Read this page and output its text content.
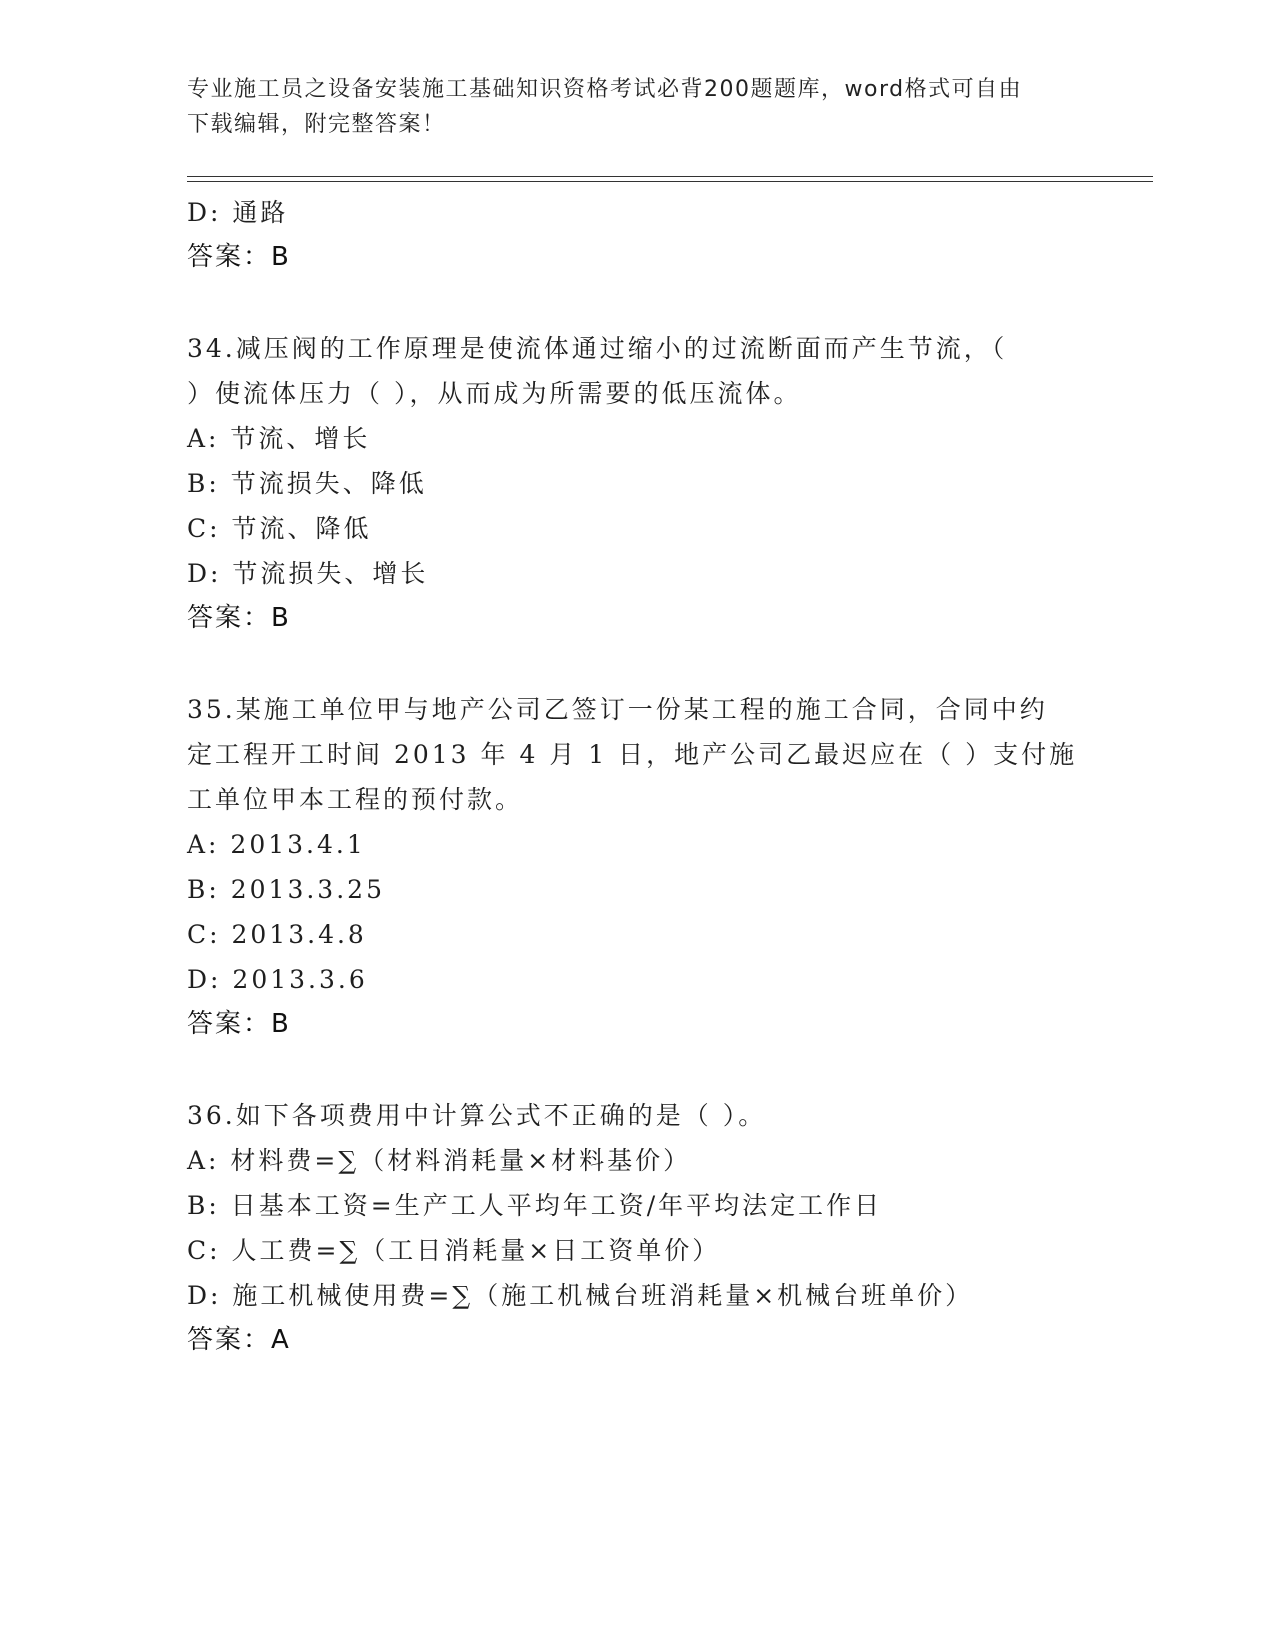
专业施工员之设备安装施工基础知识资格考试必背200题题库，word格式可自由
下载编辑，附完整答案！
D: 通路
答案：B
34.减压阀的工作原理是使流体通过缩小的过流断面而产生节流，（
）使流体压力（ ），从而成为所需要的低压流体。
A: 节流、增长
B: 节流损失、降低
C: 节流、降低
D: 节流损失、增长
答案：B
35.某施工单位甲与地产公司乙签订一份某工程的施工合同，合同中约
定工程开工时间 2013 年 4 月 1 日，地产公司乙最迟应在（ ）支付施
工单位甲本工程的预付款。
A: 2013.4.1
B: 2013.3.25
C: 2013.4.8
D: 2013.3.6
答案：B
36.如下各项费用中计算公式不正确的是（ ）。
A: 材料费=∑（材料消耗量×材料基价）
B: 日基本工资=生产工人平均年工资/年平均法定工作日
C: 人工费=∑（工日消耗量×日工资单价）
D: 施工机械使用费=∑（施工机械台班消耗量×机械台班单价）
答案：A
